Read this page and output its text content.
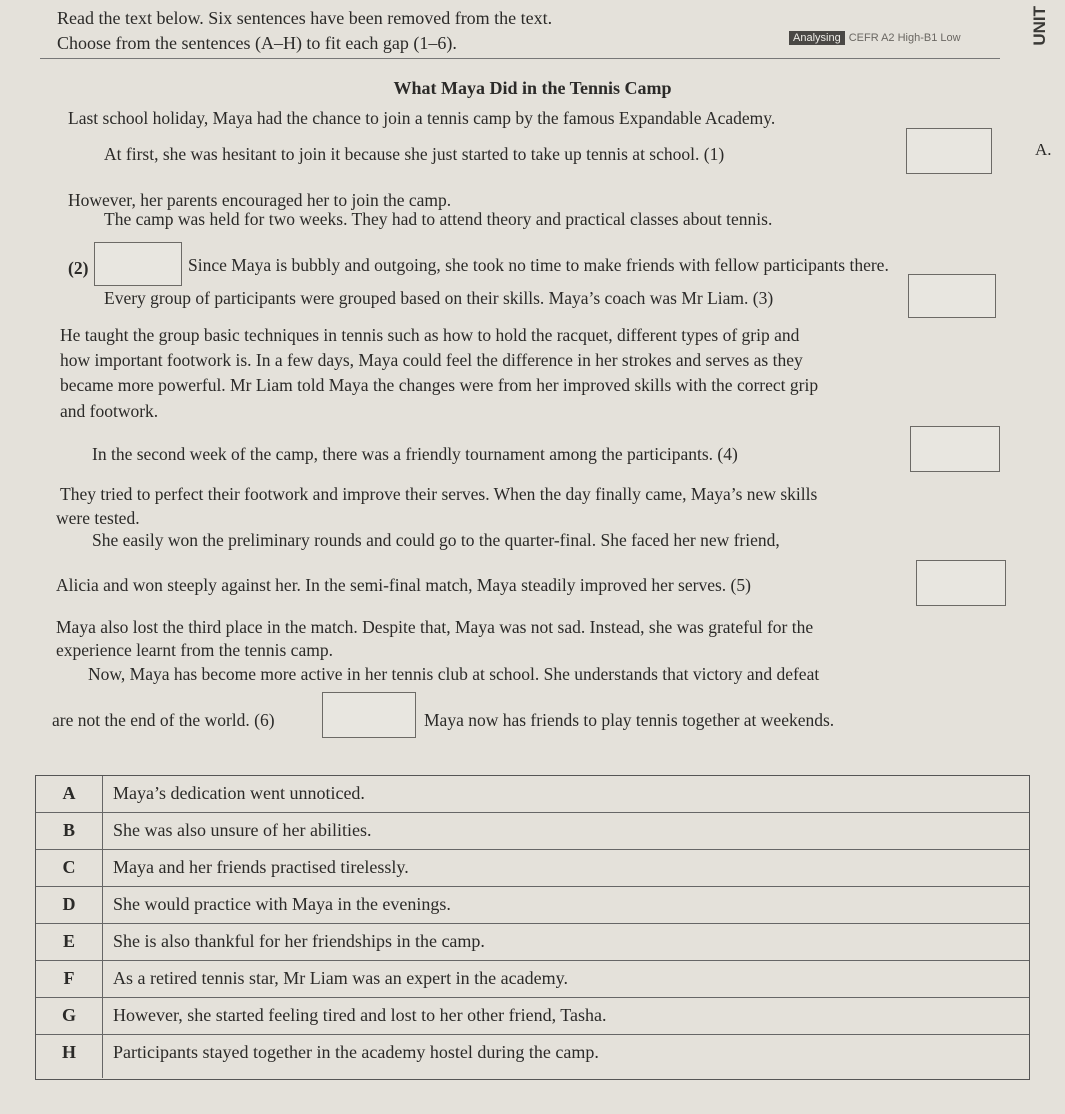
Read the text below. Six sentences have been removed from the text.
Choose from the sentences (A–H) to fit each gap (1–6).	Analysing CEFR A2 High-B1 Low	UNIT
What Maya Did in the Tennis Camp
Last school holiday, Maya had the chance to join a tennis camp by the famous Expandable Academy.
At first, she was hesitant to join it because she just started to take up tennis at school. (1)	A.
However, her parents encouraged her to join the camp.
The camp was held for two weeks. They had to attend theory and practical classes about tennis.
(2)	Since Maya is bubbly and outgoing, she took no time to make friends with fellow participants there.
Every group of participants were grouped based on their skills. Maya’s coach was Mr Liam. (3)
He taught the group basic techniques in tennis such as how to hold the racquet, different types of grip and
how important footwork is. In a few days, Maya could feel the difference in her strokes and serves as they
became more powerful. Mr Liam told Maya the changes were from her improved skills with the correct grip
and footwork.
In the second week of the camp, there was a friendly tournament among the participants. (4)
They tried to perfect their footwork and improve their serves. When the day finally came, Maya’s new skills
were tested.
She easily won the preliminary rounds and could go to the quarter-final. She faced her new friend,
Alicia and won steeply against her. In the semi-final match, Maya steadily improved her serves. (5)
Maya also lost the third place in the match. Despite that, Maya was not sad. Instead, she was grateful for the
experience learnt from the tennis camp.
Now, Maya has become more active in her tennis club at school. She understands that victory and defeat
are not the end of the world. (6)	Maya now has friends to play tennis together at weekends.
A	Maya’s dedication went unnoticed.
B	She was also unsure of her abilities.
C	Maya and her friends practised tirelessly.
D	She would practice with Maya in the evenings.
E	She is also thankful for her friendships in the camp.
F	As a retired tennis star, Mr Liam was an expert in the academy.
G	However, she started feeling tired and lost to her other friend, Tasha.
H	Participants stayed together in the academy hostel during the camp.
